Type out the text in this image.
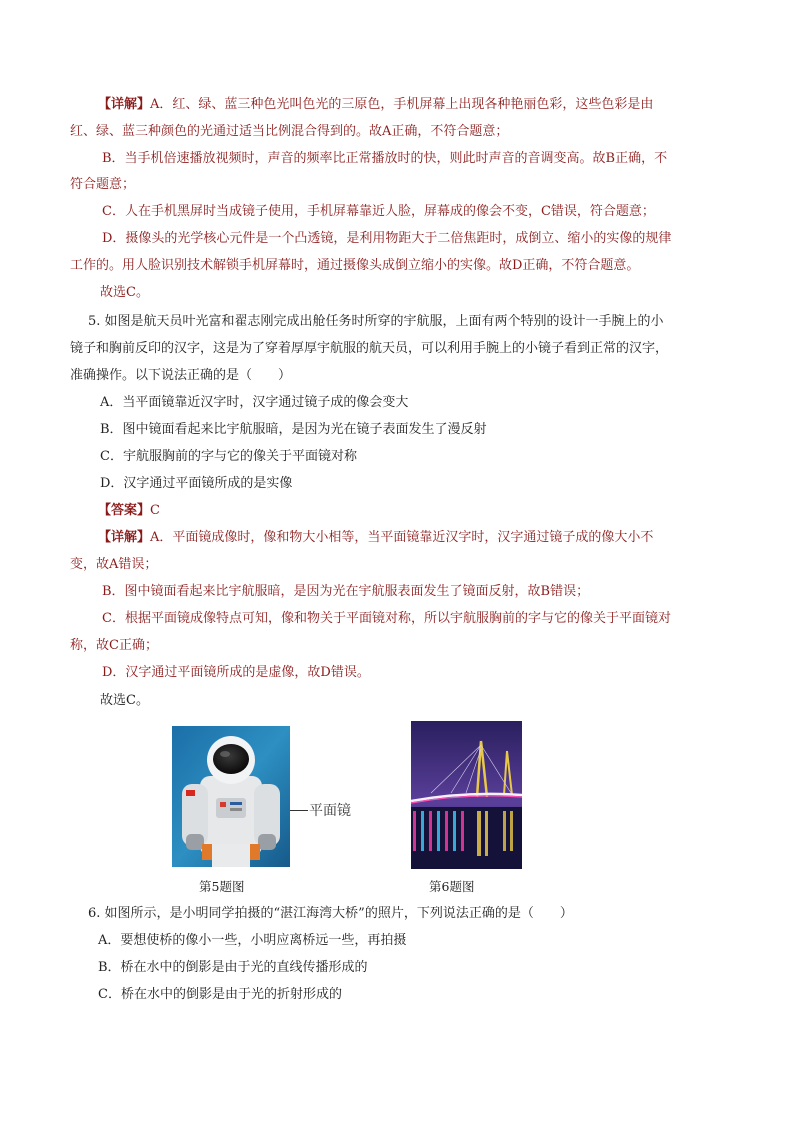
【详解】A．红、绿、蓝三种色光叫色光的三原色，手机屏幕上出现各种艳丽色彩，这些色彩是由
红、绿、蓝三种颜色的光通过适当比例混合得到的。故A正确，不符合题意；
B．当手机倍速播放视频时，声音的频率比正常播放时的快，则此时声音的音调变高。故B正确，不
符合题意；
C．人在手机黑屏时当成镜子使用，手机屏幕靠近人脸，屏幕成的像会不变，C错误，符合题意；
D．摄像头的光学核心元件是一个凸透镜，是利用物距大于二倍焦距时，成倒立、缩小的实像的规律
工作的。用人脸识别技术解锁手机屏幕时，通过摄像头成倒立缩小的实像。故D正确，不符合题意。
故选C。
5. 如图是航天员叶光富和翟志刚完成出舱任务时所穿的宇航服，上面有两个特别的设计一手腕上的小
镜子和胸前反印的汉字，这是为了穿着厚厚宇航服的航天员，可以利用手腕上的小镜子看到正常的汉字，
准确操作。以下说法正确的是（　　）
A．当平面镜靠近汉字时，汉字通过镜子成的像会变大
B．图中镜面看起来比宇航服暗，是因为光在镜子表面发生了漫反射
C．宇航服胸前的字与它的像关于平面镜对称
D．汉字通过平面镜所成的是实像
【答案】C
【详解】A．平面镜成像时，像和物大小相等，当平面镜靠近汉字时，汉字通过镜子成的像大小不
变，故A错误；
B．图中镜面看起来比宇航服暗，是因为光在宇航服表面发生了镜面反射，故B错误；
C．根据平面镜成像特点可知，像和物关于平面镜对称，所以宇航服胸前的字与它的像关于平面镜对
称，故C正确；
D．汉字通过平面镜所成的是虚像，故D错误。
故选C。
平面镜
第5题图	第6题图
6. 如图所示，是小明同学拍摄的“湛江海湾大桥”的照片，下列说法正确的是（　　）
A．要想使桥的像小一些，小明应离桥远一些，再拍摄
B．桥在水中的倒影是由于光的直线传播形成的
C．桥在水中的倒影是由于光的折射形成的
